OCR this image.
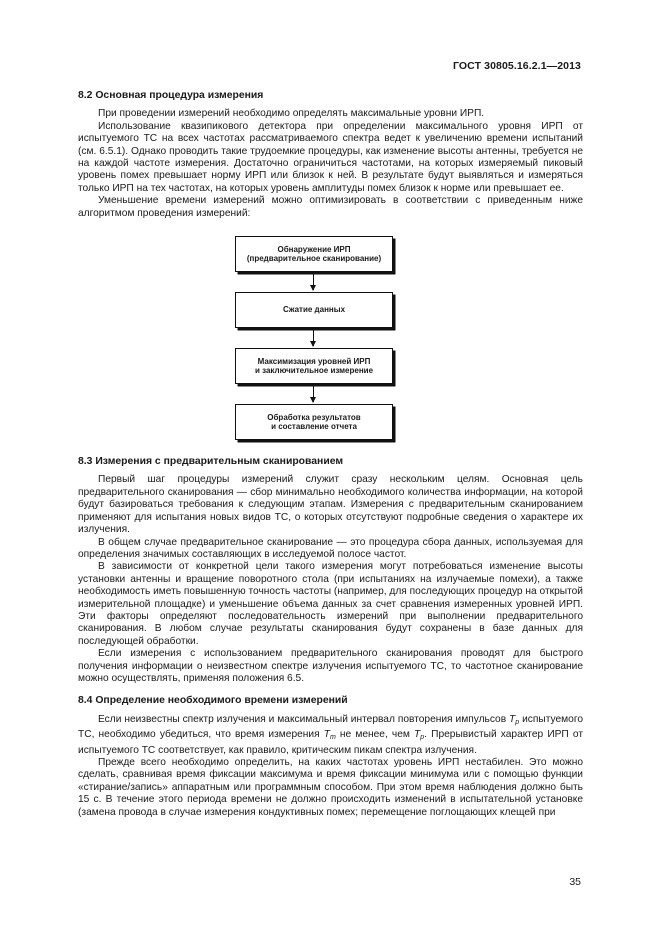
ГОСТ 30805.16.2.1—2013
8.2 Основная процедура измерения

При проведении измерений необходимо определять максимальные уровни ИРП.

Использование квазипикового детектора при определении максимального уровня ИРП от испытуемого ТС на всех частотах рассматриваемого спектра ведет к увеличению времени испытаний (см. 6.5.1). Однако проводить такие трудоемкие процедуры, как изменение высоты антенны, требуется не на каждой частоте измерения. Достаточно ограничиться частотами, на которых измеряемый пиковый уровень помех превышает норму ИРП или близок к ней. В результате будут выявляться и измеряться только ИРП на тех частотах, на которых уровень амплитуды помех близок к норме или превышает ее.

Уменьшение времени измерений можно оптимизировать в соответствии с приведенным ниже алгоритмом проведения измерений:

Обнаружение ИРП
(предварительное сканирование)
Сжатие данных
Максимизация уровней ИРП
и заключительное измерение
Обработка результатов
и составление отчета
8.3 Измерения с предварительным сканированием

Первый шаг процедуры измерений служит сразу нескольким целям. Основная цель предварительного сканирования — сбор минимально необходимого количества информации, на которой будут базироваться требования к следующим этапам. Измерения с предварительным сканированием применяют для испытания новых видов ТС, о которых отсутствуют подробные сведения о характере их излучения.

В общем случае предварительное сканирование — это процедура сбора данных, используемая для определения значимых составляющих в исследуемой полосе частот.

В зависимости от конкретной цели такого измерения могут потребоваться изменение высоты установки антенны и вращение поворотного стола (при испытаниях на излучаемые помехи), а также необходимость иметь повышенную точность частоты (например, для последующих процедур на открытой измерительной площадке) и уменьшение объема данных за счет сравнения измеренных уровней ИРП. Эти факторы определяют последовательность измерений при выполнении предварительного сканирования. В любом случае результаты сканирования будут сохранены в базе данных для последующей обработки.

Если измерения с использованием предварительного сканирования проводят для быстрого получения информации о неизвестном спектре излучения испытуемого ТС, то частотное сканирование можно осуществлять, применяя положения 6.5.

8.4 Определение необходимого времени измерений

Если неизвестны спектр излучения и максимальный интервал повторения импульсов $T_p$ испытуемого ТС, необходимо убедиться, что время измерения $T_m$ не менее, чем $T_p$. Прерывистый характер ИРП от испытуемого ТС соответствует, как правило, критическим пикам спектра излучения.

Прежде всего необходимо определить, на каких частотах уровень ИРП нестабилен. Это можно сделать, сравнивая время фиксации максимума и время фиксации минимума или с помощью функции «стирание/запись» аппаратным или программным способом. При этом время наблюдения должно быть 15 с. В течение этого периода времени не должно происходить изменений в испытательной установке (замена провода в случае измерения кондуктивных помех; перемещение поглощающих клещей при

35
